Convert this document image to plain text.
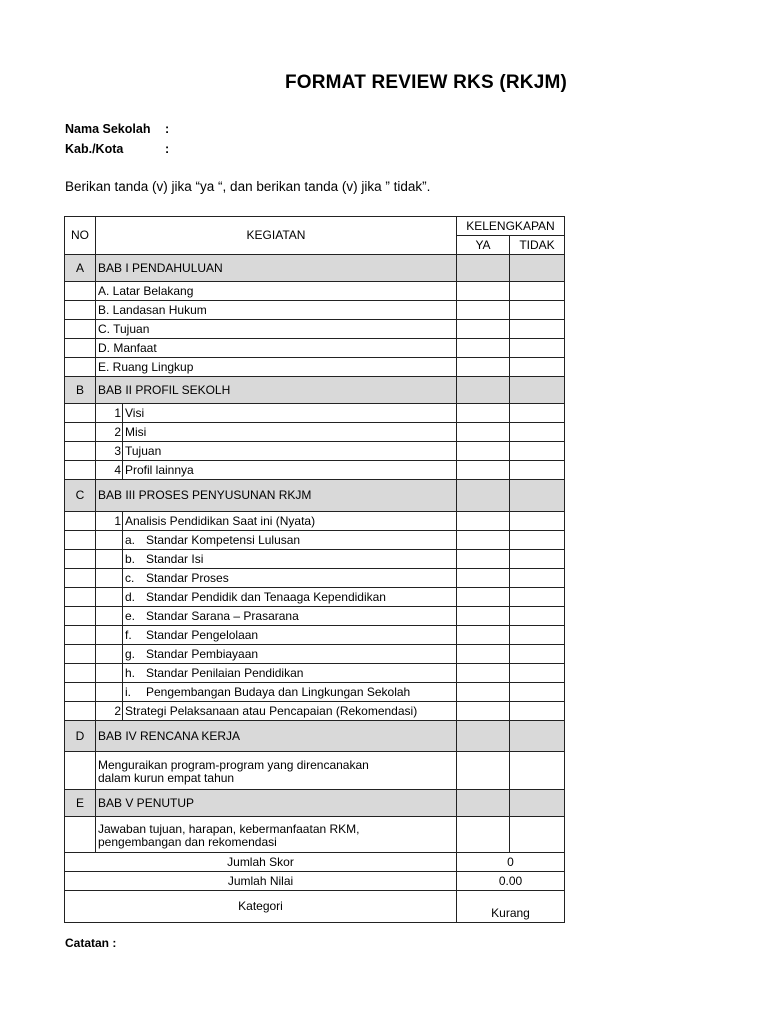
FORMAT REVIEW RKS (RKJM)
Nama Sekolah :
Kab./Kota	:
Berikan tanda (v) jika “ya “, dan berikan tanda (v) jika ” tidak”.
NO	KEGIATAN		KELENGKAPAN	
			YA	TIDAK
A	BAB I PENDAHULUAN			
	A. Latar Belakang			
	B. Landasan Hukum			
	C. Tujuan			
	D. Manfaat			
	E. Ruang Lingkup			
B	BAB II PROFIL SEKOLH			
	1	Visi		
	2	Misi		
	3	Tujuan		
	4	Profil lainnya		
C	BAB III PROSES PENYUSUNAN RKJM			
	1	Analisis Pendidikan Saat ini (Nyata)		
		a. Standar Kompetensi Lulusan		
		b. Standar Isi		
		c. Standar Proses		
		d. Standar Pendidik dan Tenaaga Kependidikan		
		e. Standar Sarana – Prasarana		
		f. Standar Pengelolaan		
		g. Standar Pembiayaan		
		h. Standar Penilaian Pendidikan		
		i. Pengembangan Budaya dan Lingkungan Sekolah		
	2	Strategi Pelaksanaan atau Pencapaian (Rekomendasi)		
D	BAB IV RENCANA KERJA			

	Menguraikan program-program yang direncanakan
dalam kurun empat tahun			

E	BAB V PENUTUP			

	Jawaban tujuan, harapan, kebermanfaatan RKM,
pengembangan dan rekomendasi			

Jumlah Skor			0	
Jumlah Nilai			0.00	
Kategori			Kurang	
Catatan :
